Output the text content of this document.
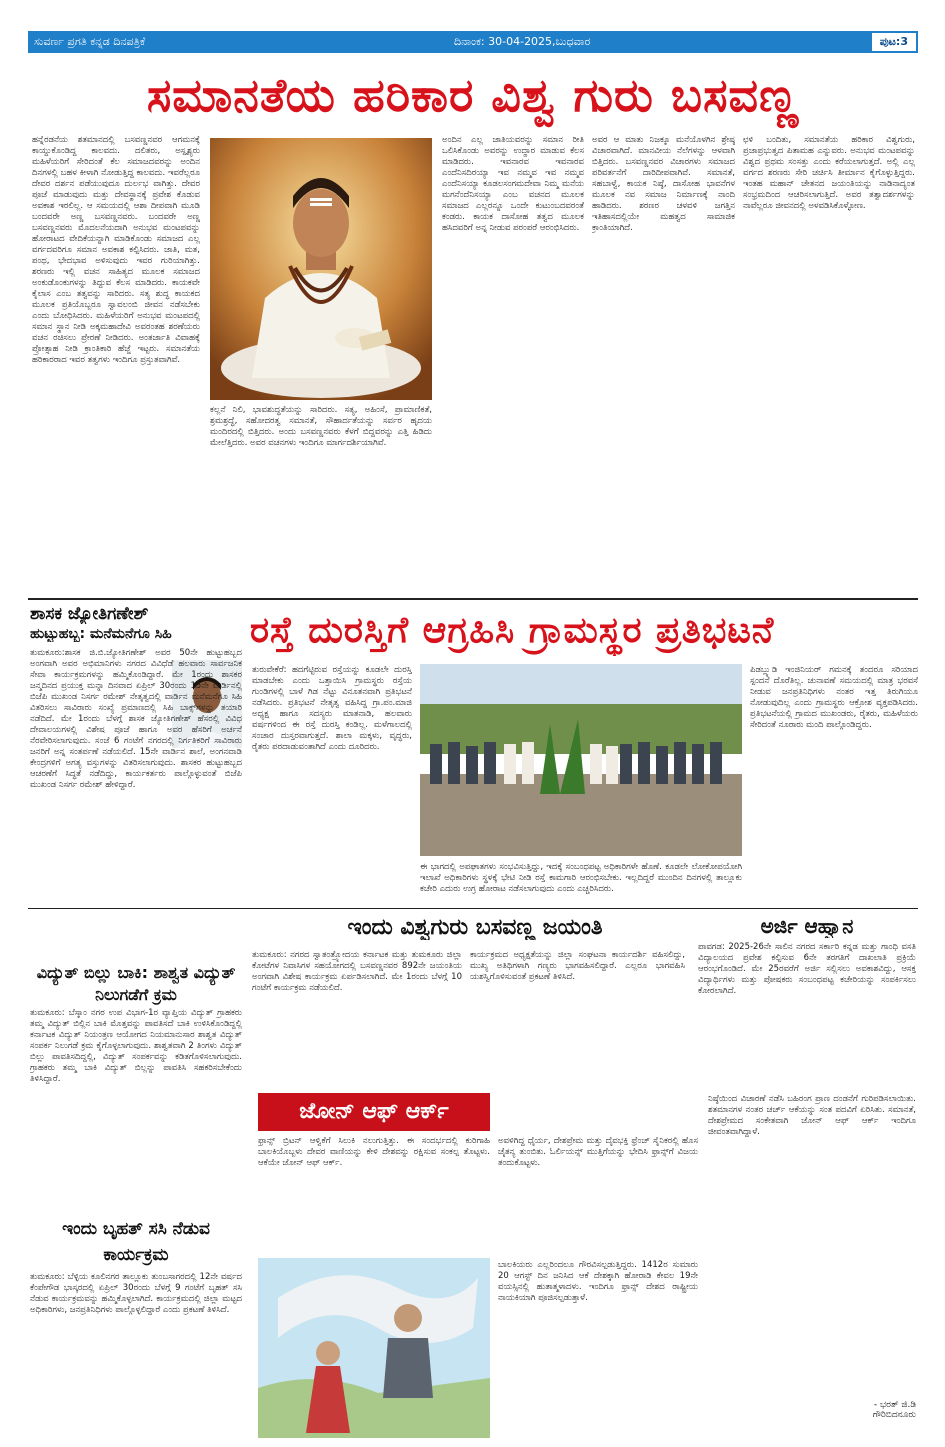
ಸುವರ್ಣ ಪ್ರಗತಿ ಕನ್ನಡ ದಿನಪತ್ರಿಕೆ	ದಿನಾಂಕ: 30-04-2025,ಬುಧವಾರ	ಪುಟ:3
ಸಮಾನತೆಯ ಹರಿಕಾರ ವಿಶ್ವ ಗುರು ಬಸವಣ್ಣ
ಹನ್ನೆರಡನೆಯ ಶತಮಾನದಲ್ಲಿ ಬಸವಣ್ಣನವರ ಆಗಮನಕ್ಕೆ ಕಾಯ್ದುಕೊಂಡಿದ್ದ ಕಾಲವದು. ದಲಿತರು, ಅಸ್ಪೃಶ್ಯರು ಮಹಿಳೆಯರಿಗೆ ಸೇರಿದಂತೆ ಕೆಲ ಸಮಾಜದವರನ್ನು ಅಂದಿನ ದಿನಗಳಲ್ಲಿ ಬಹಳ ಕೀಳಾಗಿ ನೋಡುತ್ತಿದ್ದ ಕಾಲವದು. ಇವರೆಲ್ಲರೂ ದೇವರ ದರ್ಶನ ಪಡೆಯುವುದೂ ದುರ್ಲಭ ವಾಗಿತ್ತು. ದೇವರ ಪೂಜೆ ಮಾಡುವುದು ಮತ್ತು ದೇವಸ್ಥಾನಕ್ಕೆ ಪ್ರವೇಶ ಕೊಡುವ ಅವಕಾಶ ಇರಲಿಲ್ಲ. ಆ ಸಮಯದಲ್ಲಿ ಆಶಾ ದೀಪವಾಗಿ ಮೂಡಿ ಬಂದವರೇ ಅಣ್ಣ ಬಸವಣ್ಣನವರು. ಬಂದವರೇ ಅಣ್ಣ ಬಸವಣ್ಣನವರು ಮೊದಲನೆಯದಾಗಿ ಅನುಭವ ಮಂಟಪವನ್ನು ಹೋರಾಟದ ವೇದಿಕೆಯನ್ನಾಗಿ ಮಾಡಿಕೊಂಡು ಸಮಾಜದ ಎಲ್ಲ ವರ್ಗದವರಿಗೂ ಸಮಾನ ಅವಕಾಶ ಕಲ್ಪಿಸಿದರು. ಜಾತಿ, ಮತ, ಪಂಥ, ಭೇದಭಾವ ಅಳಿಸುವುದು ಇವರ ಗುರಿಯಾಗಿತ್ತು. ಶರಣರು ಇಲ್ಲಿ ವಚನ ಸಾಹಿತ್ಯದ ಮೂಲಕ ಸಮಾಜದ ಅಂಕುಡೊಂಕುಗಳನ್ನು ತಿದ್ದುವ ಕೆಲಸ ಮಾಡಿದರು. ಕಾಯಕವೇ ಕೈಲಾಸ ಎಂಬ ತತ್ವವನ್ನು ಸಾರಿದರು. ಸತ್ಯ ಶುದ್ಧ ಕಾಯಕದ ಮೂಲಕ ಪ್ರತಿಯೊಬ್ಬರೂ ಸ್ವಾವಲಂಬಿ ಜೀವನ ನಡೆಸಬೇಕು ಎಂದು ಬೋಧಿಸಿದರು. ಮಹಿಳೆಯರಿಗೆ ಅನುಭವ ಮಂಟಪದಲ್ಲಿ ಸಮಾನ ಸ್ಥಾನ ನೀಡಿ ಅಕ್ಕಮಹಾದೇವಿ ಅವರಂತಹ ಶರಣೆಯರು ವಚನ ರಚಿಸಲು ಪ್ರೇರಣೆ ನೀಡಿದರು. ಅಂತರ್ಜಾತಿ ವಿವಾಹಕ್ಕೆ ಪ್ರೋತ್ಸಾಹ ನೀಡಿ ಕ್ರಾಂತಿಕಾರಿ ಹೆಜ್ಜೆ ಇಟ್ಟರು. ಸಮಾನತೆಯ ಹರಿಕಾರರಾದ ಇವರ ತತ್ವಗಳು ಇಂದಿಗೂ ಪ್ರಸ್ತುತವಾಗಿವೆ.
ಕಲ್ಲನೆ ನಿಲಿ, ಭಾವಶುದ್ಧತೆಯನ್ನು ಸಾರಿದರು. ಸತ್ಯ, ಅಹಿಂಸೆ, ಪ್ರಾಮಾಣಿಕತೆ, ಶ್ರಮಶ್ರದ್ಧೆ, ಸಹೋದರತ್ವ ಸಮಾನತೆ, ಸೌಹಾರ್ದತೆಯನ್ನು ಸರ್ವರ ಹೃದಯ ಮಂದಿರದಲ್ಲಿ ಬಿತ್ತಿದರು. ಅಂದು ಬಸವಣ್ಣನವರು ಕೆಳಗೆ ಬಿದ್ದವರನ್ನು ಎತ್ತಿ ಹಿಡಿದು ಮೇಲೆತ್ತಿದರು. ಅವರ ವಚನಗಳು ಇಂದಿಗೂ ಮಾರ್ಗದರ್ಶಿಯಾಗಿವೆ.
ಅಂದಿನ ಎಲ್ಲ ಜಾತಿಯವರನ್ನು ಸಮಾನ ರೀತಿ ಒಲಿಸಿಕೊಂಡು ಅವರನ್ನು ಉದ್ಧಾರ ಮಾಡುವ ಕೆಲಸ ಮಾಡಿದರು. ಇವನಾರವ ಇವನಾರವ ಎಂದೆನಿಸದಿರಯ್ಯಾ ಇವ ನಮ್ಮವ ಇವ ನಮ್ಮವ ಎಂದೆನಿಸಯ್ಯಾ ಕೂಡಲಸಂಗಮದೇವಾ ನಿಮ್ಮ ಮನೆಯ ಮಗನೆಂದೆನಿಸಯ್ಯಾ ಎಂಬ ವಚನದ ಮೂಲಕ ಸಮಾಜದ ಎಲ್ಲರನ್ನೂ ಒಂದೇ ಕುಟುಂಬದವರಂತೆ ಕಂಡರು. ಕಾಯಕ ದಾಸೋಹ ತತ್ವದ ಮೂಲಕ ಹಸಿದವರಿಗೆ ಅನ್ನ ನೀಡುವ ಪರಂಪರೆ ಆರಂಭಿಸಿದರು.
ಅವರ ಆ ಮಾತು ನಿಜಕ್ಕೂ ಮನೆಯೊಳಗಿನ ಶ್ರೇಷ್ಠ ವಿಚಾರವಾಗಿದೆ. ಮಾನವೀಯ ನೆಲೆಗಳನ್ನು ಆಳವಾಗಿ ಬಿತ್ತಿದರು. ಬಸವಣ್ಣನವರ ವಿಚಾರಗಳು ಸಮಾಜದ ಪರಿವರ್ತನೆಗೆ ದಾರಿದೀಪವಾಗಿವೆ. ಸಮಾನತೆ, ಸಹಬಾಳ್ವೆ, ಕಾಯಕ ನಿಷ್ಠೆ, ದಾಸೋಹ ಭಾವನೆಗಳ ಮೂಲಕ ನವ ಸಮಾಜ ನಿರ್ಮಾಣಕ್ಕೆ ನಾಂದಿ ಹಾಡಿದರು. ಶರಣರ ಚಳವಳಿ ಜಗತ್ತಿನ ಇತಿಹಾಸದಲ್ಲಿಯೇ ಮಹತ್ವದ ಸಾಮಾಜಿಕ ಕ್ರಾಂತಿಯಾಗಿದೆ.
ಛಳಿ ಬಂದಿತು, ಸಮಾನತೆಯ ಹರಿಕಾರ ವಿಶ್ವಗುರು, ಪ್ರಜಾಪ್ರಭುತ್ವದ ಪಿತಾಮಹ ಎನ್ನುವರು. ಅನುಭವ ಮಂಟಪವನ್ನು ವಿಶ್ವದ ಪ್ರಥಮ ಸಂಸತ್ತು ಎಂದು ಕರೆಯಲಾಗುತ್ತದೆ. ಅಲ್ಲಿ ಎಲ್ಲ ವರ್ಗದ ಶರಣರು ಸೇರಿ ಚರ್ಚಿಸಿ ತೀರ್ಮಾನ ಕೈಗೊಳ್ಳುತ್ತಿದ್ದರು. ಇಂತಹ ಮಹಾನ್ ಚೇತನದ ಜಯಂತಿಯನ್ನು ನಾಡಿನಾದ್ಯಂತ ಸಂಭ್ರಮದಿಂದ ಆಚರಿಸಲಾಗುತ್ತಿದೆ. ಅವರ ತತ್ವಾದರ್ಶಗಳನ್ನು ನಾವೆಲ್ಲರೂ ಜೀವನದಲ್ಲಿ ಅಳವಡಿಸಿಕೊಳ್ಳೋಣ.
ಶಾಸಕ ಜ್ಯೋತಿಗಣೇಶ್
ಹುಟ್ಟುಹಬ್ಬ: ಮನೆಮನೆಗೂ ಸಿಹಿ
ತುಮಕೂರು:ಶಾಸಕ ಜಿ.ಬಿ.ಜ್ಯೋತಿಗಣೇಶ್ ಅವರ 50ನೇ ಹುಟ್ಟುಹಬ್ಬದ ಅಂಗವಾಗಿ ಅವರ ಅಭಿಮಾನಿಗಳು ನಗರದ ವಿವಿಧೆಡೆ ಹಲವಾರು ಸಾರ್ವಜನಿಕ ಸೇವಾ ಕಾರ್ಯಕ್ರಮಗಳನ್ನು ಹಮ್ಮಿಕೊಂಡಿದ್ದಾರೆ. ಮೇ 1ರಂದು ಶಾಸಕರ ಜನ್ಮದಿನದ ಪ್ರಯುಕ್ತ ಮನ್ನಾ ದಿನವಾದ ಏಪ್ರಿಲ್ 30ರಂದು 15ನೇ ವಾರ್ಡಿನಲ್ಲಿ ಬಿಜೆಪಿ ಮುಖಂಡ ನಿಸರ್ಗ ರಮೇಶ್ ನೇತೃತ್ವದಲ್ಲಿ ವಾರ್ಡಿನ ಮನೆಮನೆಗೂ ಸಿಹಿ ವಿತರಿಸಲು ಸಾವಿರಾರು ಸಂಖ್ಯೆ ಪ್ರಮಾಣದಲ್ಲಿ ಸಿಹಿ ಬಾಕ್ಸ್‌ಗಳನ್ನು ತಯಾರಿ ನಡೆದಿದೆ. ಮೇ 1ರಂದು ಬೆಳಗ್ಗೆ ಶಾಸಕ ಜ್ಯೋತಿಗಣೇಶ್ ಹೆಸರಲ್ಲಿ ವಿವಿಧ ದೇವಾಲಯಗಳಲ್ಲಿ ವಿಶೇಷ ಪೂಜೆ ಹಾಗೂ ಅವರ ಹೆಸರಿಗೆ ಅರ್ಚನೆ ನೆರವೇರಿಸಲಾಗುವುದು. ಸಂಜೆ 6 ಗಂಟೆಗೆ ನಗರದಲ್ಲಿ ನಿರ್ಗತಿಕರಿಗೆ ಸಾವಿರಾರು ಜನರಿಗೆ ಅನ್ನ ಸಂತರ್ಪಣೆ ನಡೆಯಲಿದೆ. 15ನೇ ವಾರ್ಡಿನ ಶಾಲೆ, ಅಂಗನವಾಡಿ ಕೇಂದ್ರಗಳಿಗೆ ಅಗತ್ಯ ವಸ್ತುಗಳನ್ನು ವಿತರಿಸಲಾಗುವುದು. ಶಾಸಕರ ಹುಟ್ಟುಹಬ್ಬದ ಆಚರಣೆಗೆ ಸಿದ್ಧತೆ ನಡೆದಿದ್ದು, ಕಾರ್ಯಕರ್ತರು ಪಾಲ್ಗೊಳ್ಳುವಂತೆ ಬಿಜೆಪಿ ಮುಖಂಡ ನಿಸರ್ಗ ರಮೇಶ್ ಹೇಳಿದ್ದಾರೆ.
ರಸ್ತೆ ದುರಸ್ತಿಗೆ ಆಗ್ರಹಿಸಿ ಗ್ರಾಮಸ್ಥರ ಪ್ರತಿಭಟನೆ
ತುರುವೇಕೆರೆ: ಹದಗೆಟ್ಟಿರುವ ರಸ್ತೆಯನ್ನು ಕೂಡಲೇ ದುರಸ್ತಿ ಮಾಡಬೇಕು ಎಂದು ಒತ್ತಾಯಿಸಿ ಗ್ರಾಮಸ್ಥರು ರಸ್ತೆಯ ಗುಂಡಿಗಳಲ್ಲಿ ಬಾಳೆ ಗಿಡ ನೆಟ್ಟು ವಿನೂತನವಾಗಿ ಪ್ರತಿಭಟನೆ ನಡೆಸಿದರು. ಪ್ರತಿಭಟನೆ ನೇತೃತ್ವ ವಹಿಸಿದ್ದ ಗ್ರಾ.ಪಂ.ಮಾಜಿ ಅಧ್ಯಕ್ಷ ಹಾಗೂ ಸದಸ್ಯರು ಮಾತನಾಡಿ, ಹಲವಾರು ವರ್ಷಗಳಿಂದ ಈ ರಸ್ತೆ ದುರಸ್ತಿ ಕಂಡಿಲ್ಲ. ಮಳೆಗಾಲದಲ್ಲಿ ಸಂಚಾರ ದುಸ್ತರವಾಗುತ್ತದೆ. ಶಾಲಾ ಮಕ್ಕಳು, ವೃದ್ಧರು, ರೈತರು ಪರದಾಡುವಂತಾಗಿದೆ ಎಂದು ದೂರಿದರು.
ಈ ಭಾಗದಲ್ಲಿ ಅಪಘಾತಗಳು ಸಂಭವಿಸುತ್ತಿದ್ದು, ಇದಕ್ಕೆ ಸಂಬಂಧಪಟ್ಟ ಅಧಿಕಾರಿಗಳೇ ಹೊಣೆ. ಕೂಡಲೇ ಲೋಕೋಪಯೋಗಿ ಇಲಾಖೆ ಅಧಿಕಾರಿಗಳು ಸ್ಥಳಕ್ಕೆ ಭೇಟಿ ನೀಡಿ ರಸ್ತೆ ಕಾಮಗಾರಿ ಆರಂಭಿಸಬೇಕು. ಇಲ್ಲದಿದ್ದರೆ ಮುಂದಿನ ದಿನಗಳಲ್ಲಿ ತಾಲ್ಲೂಕು ಕಚೇರಿ ಎದುರು ಉಗ್ರ ಹೋರಾಟ ನಡೆಸಲಾಗುವುದು ಎಂದು ಎಚ್ಚರಿಸಿದರು.
ಪಿಡಬ್ಲ್ಯುಡಿ ಇಂಜಿನಿಯರ್ ಗಮನಕ್ಕೆ ತಂದರೂ ಸರಿಯಾದ ಸ್ಪಂದನೆ ದೊರೆತಿಲ್ಲ. ಚುನಾವಣೆ ಸಮಯದಲ್ಲಿ ಮಾತ್ರ ಭರವಸೆ ನೀಡುವ ಜನಪ್ರತಿನಿಧಿಗಳು ನಂತರ ಇತ್ತ ತಿರುಗಿಯೂ ನೋಡುವುದಿಲ್ಲ ಎಂದು ಗ್ರಾಮಸ್ಥರು ಆಕ್ರೋಶ ವ್ಯಕ್ತಪಡಿಸಿದರು. ಪ್ರತಿಭಟನೆಯಲ್ಲಿ ಗ್ರಾಮದ ಮುಖಂಡರು, ರೈತರು, ಮಹಿಳೆಯರು ಸೇರಿದಂತೆ ನೂರಾರು ಮಂದಿ ಪಾಲ್ಗೊಂಡಿದ್ದರು.
ವಿದ್ಯುತ್ ಬಿಲ್ಲು ಬಾಕಿ: ಶಾಶ್ವತ ವಿದ್ಯುತ್ ನಿಲುಗಡೆಗೆ ಕ್ರಮ
ತುಮಕೂರು: ಬೆಸ್ಕಾಂ ನಗರ ಉಪ ವಿಭಾಗ-1ರ ವ್ಯಾಪ್ತಿಯ ವಿದ್ಯುತ್ ಗ್ರಾಹಕರು ತಮ್ಮ ವಿದ್ಯುತ್ ಬಿಲ್ಲಿನ ಬಾಕಿ ಮೊತ್ತವನ್ನು ಪಾವತಿಸದೆ ಬಾಕಿ ಉಳಿಸಿಕೊಂಡಿದ್ದಲ್ಲಿ ಕರ್ನಾಟಕ ವಿದ್ಯುತ್ ನಿಯಂತ್ರಣ ಆಯೋಗದ ನಿಯಮಾನುಸಾರ ಶಾಶ್ವತ ವಿದ್ಯುತ್ ಸಂಪರ್ಕ ನಿಲುಗಡೆ ಕ್ರಮ ಕೈಗೊಳ್ಳಲಾಗುವುದು. ಶಾಶ್ವತವಾಗಿ 2 ತಿಂಗಳು ವಿದ್ಯುತ್ ಬಿಲ್ಲು ಪಾವತಿಸದಿದ್ದಲ್ಲಿ, ವಿದ್ಯುತ್ ಸಂಪರ್ಕವನ್ನು ಕಡಿತಗೊಳಿಸಲಾಗುವುದು. ಗ್ರಾಹಕರು ತಮ್ಮ ಬಾಕಿ ವಿದ್ಯುತ್ ಬಿಲ್ಲನ್ನು ಪಾವತಿಸಿ ಸಹಕರಿಸಬೇಕೆಂದು ತಿಳಿಸಿದ್ದಾರೆ.
ಇಂದು ಬೃಹತ್ ಸಸಿ ನೆಡುವ ಕಾರ್ಯಕ್ರಮ
ತುಮಕೂರು: ಬೆಳ್ಳಿಯ ಕೂಲಿನಗರ ತಾಲ್ಲೂಕು ತುಂಬಸಾಗರದಲ್ಲಿ 12ನೇ ವರ್ಷದ ಕೆಂಪೇಗೌಡ ಭಾಸ್ಕರದಲ್ಲಿ ಏಪ್ರಿಲ್ 30ರಂದು ಬೆಳಗ್ಗೆ 9 ಗಂಟೆಗೆ ಬೃಹತ್ ಸಸಿ ನೆಡುವ ಕಾರ್ಯಕ್ರಮವನ್ನು ಹಮ್ಮಿಕೊಳ್ಳಲಾಗಿದೆ. ಕಾರ್ಯಕ್ರಮದಲ್ಲಿ ಜಿಲ್ಲಾ ಮಟ್ಟದ ಅಧಿಕಾರಿಗಳು, ಜನಪ್ರತಿನಿಧಿಗಳು ಪಾಲ್ಗೊಳ್ಳಲಿದ್ದಾರೆ ಎಂದು ಪ್ರಕಟಣೆ ತಿಳಿಸಿದೆ.
ಇಂದು ವಿಶ್ವಗುರು ಬಸವಣ್ಣ ಜಯಂತಿ
ತುಮಕೂರು: ನಗರದ ಸ್ವಾತಂತ್ರ್ಯೋದಯ ಕರ್ನಾಟಕ ಮತ್ತು ತುಮಕೂರು ಜಿಲ್ಲಾ ಕೋಟೆಗಳ ನಿವಾಸಿಗಳ ಸಹಯೋಗದಲ್ಲಿ ಬಸವಣ್ಣನವರ 892ನೇ ಜಯಂತಿಯ ಅಂಗವಾಗಿ ವಿಶೇಷ ಕಾರ್ಯಕ್ರಮ ಏರ್ಪಡಿಸಲಾಗಿದೆ. ಮೇ 1ರಂದು ಬೆಳಗ್ಗೆ 10 ಗಂಟೆಗೆ ಕಾರ್ಯಕ್ರಮ ನಡೆಯಲಿದೆ.
ಕಾರ್ಯಕ್ರಮದ ಅಧ್ಯಕ್ಷತೆಯನ್ನು ಜಿಲ್ಲಾ ಸಂಘಟನಾ ಕಾರ್ಯದರ್ಶಿ ವಹಿಸಲಿದ್ದು, ಮುಖ್ಯ ಅತಿಥಿಗಳಾಗಿ ಗಣ್ಯರು ಭಾಗವಹಿಸಲಿದ್ದಾರೆ. ಎಲ್ಲರೂ ಭಾಗವಹಿಸಿ ಯಶಸ್ವಿಗೊಳಿಸುವಂತೆ ಪ್ರಕಟಣೆ ತಿಳಿಸಿದೆ.
ಅರ್ಜಿ ಆಹ್ವಾನ
ಪಾವಗಡ: 2025-26ನೇ ಸಾಲಿನ ನಗರದ ಸರ್ಕಾರಿ ಕನ್ನಡ ಮತ್ತು ಗಾಂಧಿ ವಸತಿ ವಿದ್ಯಾಲಯದ ಪ್ರವೇಶ ಕಲ್ಪಿಸುವ 6ನೇ ತರಗತಿಗೆ ದಾಖಲಾತಿ ಪ್ರಕ್ರಿಯೆ ಆರಂಭಗೊಂಡಿದೆ. ಮೇ 25ರವರೆಗೆ ಅರ್ಜಿ ಸಲ್ಲಿಸಲು ಅವಕಾಶವಿದ್ದು, ಆಸಕ್ತ ವಿದ್ಯಾರ್ಥಿಗಳು ಮತ್ತು ಪೋಷಕರು ಸಂಬಂಧಪಟ್ಟ ಕಚೇರಿಯನ್ನು ಸಂಪರ್ಕಿಸಲು ಕೋರಲಾಗಿದೆ.
ಜೋನ್ ಆಫ್ ಆರ್ಕ್
ಫ್ರಾನ್ಸ್ ಬ್ರಿಟನ್ ಆಳ್ವಿಕೆಗೆ ಸಿಲುಕಿ ನಲುಗುತ್ತಿತ್ತು. ಈ ಸಂದರ್ಭದಲ್ಲಿ ಕುರಿಗಾಹಿ ಬಾಲಕಿಯೊಬ್ಬಳು ದೇವರ ವಾಣಿಯನ್ನು ಕೇಳಿ ದೇಶವನ್ನು ರಕ್ಷಿಸುವ ಸಂಕಲ್ಪ ತೊಟ್ಟಳು. ಆಕೆಯೇ ಜೋನ್ ಆಫ್ ಆರ್ಕ್.
ಅವಳಿಗಿದ್ದ ಧೈರ್ಯ, ದೇಶಪ್ರೇಮ ಮತ್ತು ದೈವಭಕ್ತಿ ಫ್ರೆಂಚ್ ಸೈನಿಕರಲ್ಲಿ ಹೊಸ ಚೈತನ್ಯ ತುಂಬಿತು. ಓರ್ಲಿಯನ್ಸ್ ಮುತ್ತಿಗೆಯನ್ನು ಭೇದಿಸಿ ಫ್ರಾನ್ಸ್‌ಗೆ ವಿಜಯ ತಂದುಕೊಟ್ಟಳು.
ಬಾಲಕಿಯರು ಎಲ್ಲರಿಂದಲೂ ಗೌರವಿಸಲ್ಪಡುತ್ತಿದ್ದರು. 1412ರ ಸುಮಾರು 20 ಆಗಸ್ಟ್ ದಿನ ಜನಿಸಿದ ಆಕೆ ದೇಶಕ್ಕಾಗಿ ಹೋರಾಡಿ ಕೇವಲ 19ನೇ ವಯಸ್ಸಿನಲ್ಲಿ ಹುತಾತ್ಮಳಾದಳು. ಇಂದಿಗೂ ಫ್ರಾನ್ಸ್ ದೇಶದ ರಾಷ್ಟ್ರೀಯ ನಾಯಕಿಯಾಗಿ ಪೂಜಿಸಲ್ಪಡುತ್ತಾಳೆ.
ನಿಷ್ಠೆಯಿಂದ ವಿಚಾರಣೆ ನಡೆಸಿ ಬಹಿರಂಗ ಪ್ರಾಣ ದಂಡನೆಗೆ ಗುರಿಪಡಿಸಲಾಯಿತು. ಶತಮಾನಗಳ ನಂತರ ಚರ್ಚ್ ಆಕೆಯನ್ನು ಸಂತ ಪದವಿಗೆ ಏರಿಸಿತು. ಸಮಾನತೆ, ದೇಶಪ್ರೇಮದ ಸಂಕೇತವಾಗಿ ಜೋನ್ ಆಫ್ ಆರ್ಕ್ ಇಂದಿಗೂ ಜೀವಂತವಾಗಿದ್ದಾಳೆ.
- ಭರತ್ ಜಿ.ಡಿ
ಗೌರಿಬಿದನೂರು
